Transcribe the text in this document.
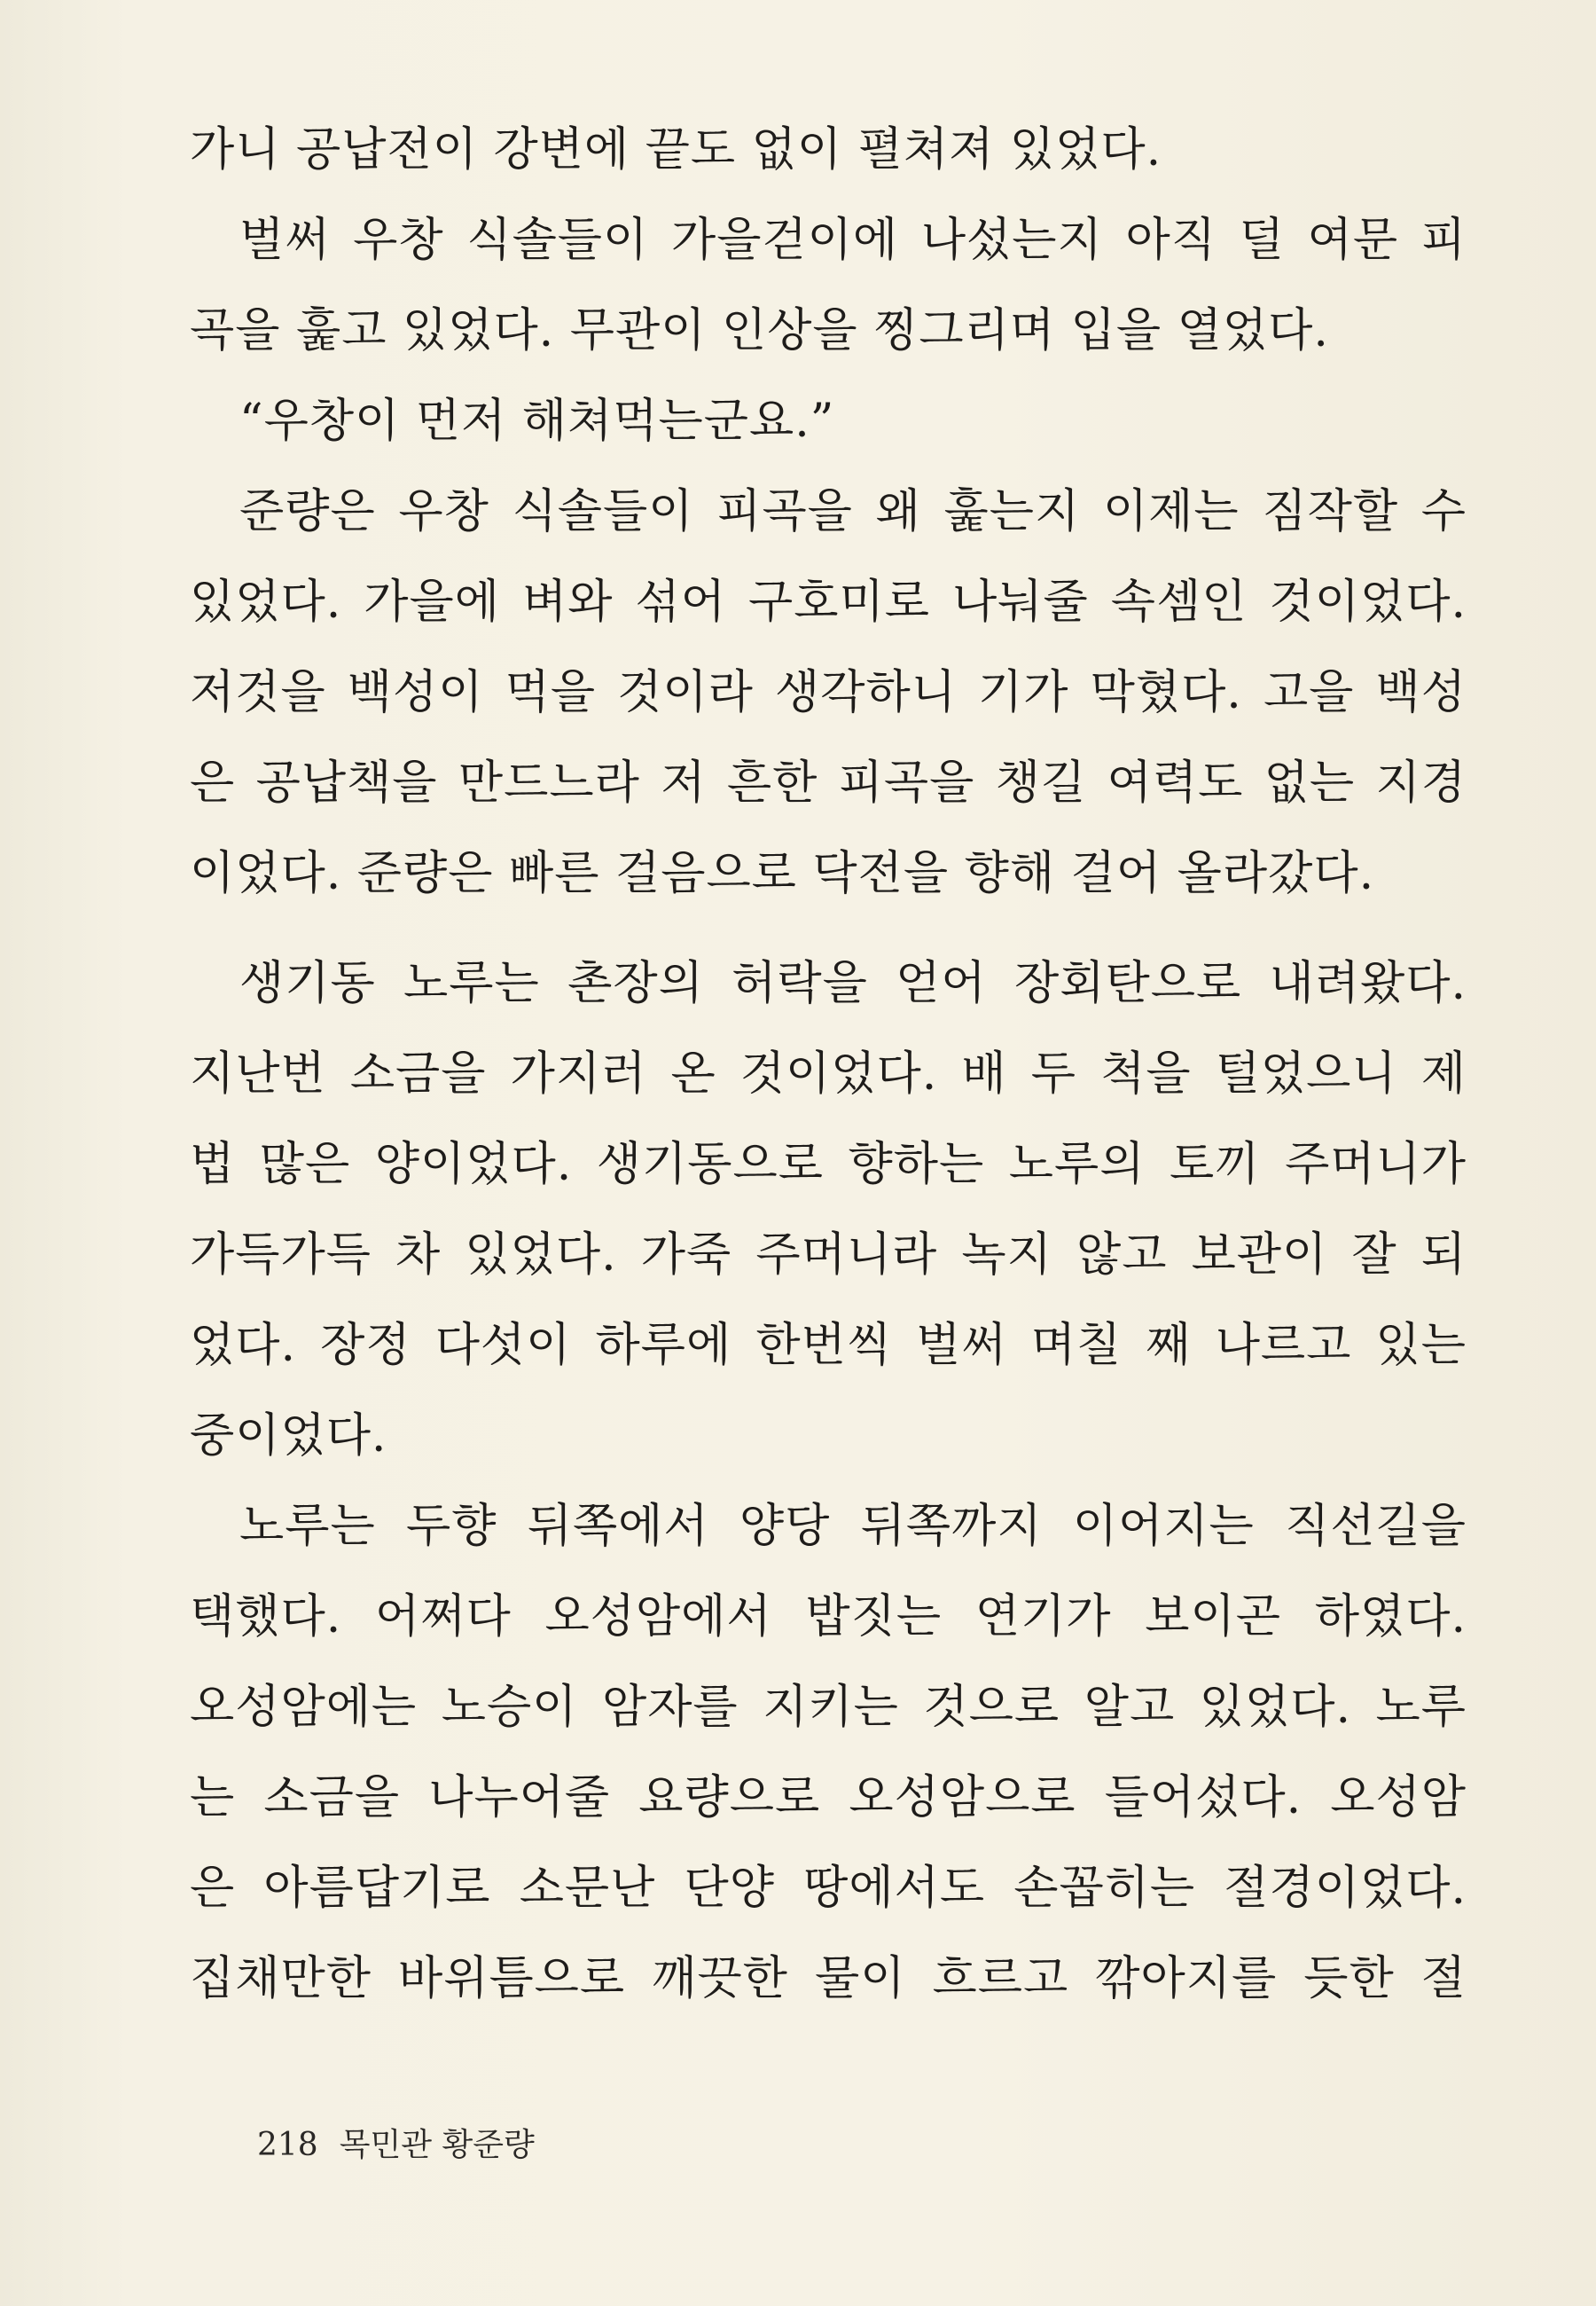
가니 공납전이 강변에 끝도 없이 펼쳐져 있었다.
벌써 우창 식솔들이 가을걷이에 나섰는지 아직 덜 여문 피
곡을 훑고 있었다. 무관이 인상을 찡그리며 입을 열었다.
“우창이 먼저 해쳐먹는군요.”
준량은 우창 식솔들이 피곡을 왜 훑는지 이제는 짐작할 수
있었다. 가을에 벼와 섞어 구호미로 나눠줄 속셈인 것이었다.
저것을 백성이 먹을 것이라 생각하니 기가 막혔다. 고을 백성
은 공납책을 만드느라 저 흔한 피곡을 챙길 여력도 없는 지경
이었다. 준량은 빠른 걸음으로 닥전을 향해 걸어 올라갔다.
생기동 노루는 촌장의 허락을 얻어 장회탄으로 내려왔다.
지난번 소금을 가지러 온 것이었다. 배 두 척을 털었으니 제
법 많은 양이었다. 생기동으로 향하는 노루의 토끼 주머니가
가득가득 차 있었다. 가죽 주머니라 녹지 않고 보관이 잘 되
었다. 장정 다섯이 하루에 한번씩 벌써 며칠 째 나르고 있는
중이었다.
노루는 두향 뒤쪽에서 양당 뒤쪽까지 이어지는 직선길을
택했다. 어쩌다 오성암에서 밥짓는 연기가 보이곤 하였다.
오성암에는 노승이 암자를 지키는 것으로 알고 있었다. 노루
는 소금을 나누어줄 요량으로 오성암으로 들어섰다. 오성암
은 아름답기로 소문난 단양 땅에서도 손꼽히는 절경이었다.
집채만한 바위틈으로 깨끗한 물이 흐르고 깎아지를 듯한 절
218 목민관 황준량
